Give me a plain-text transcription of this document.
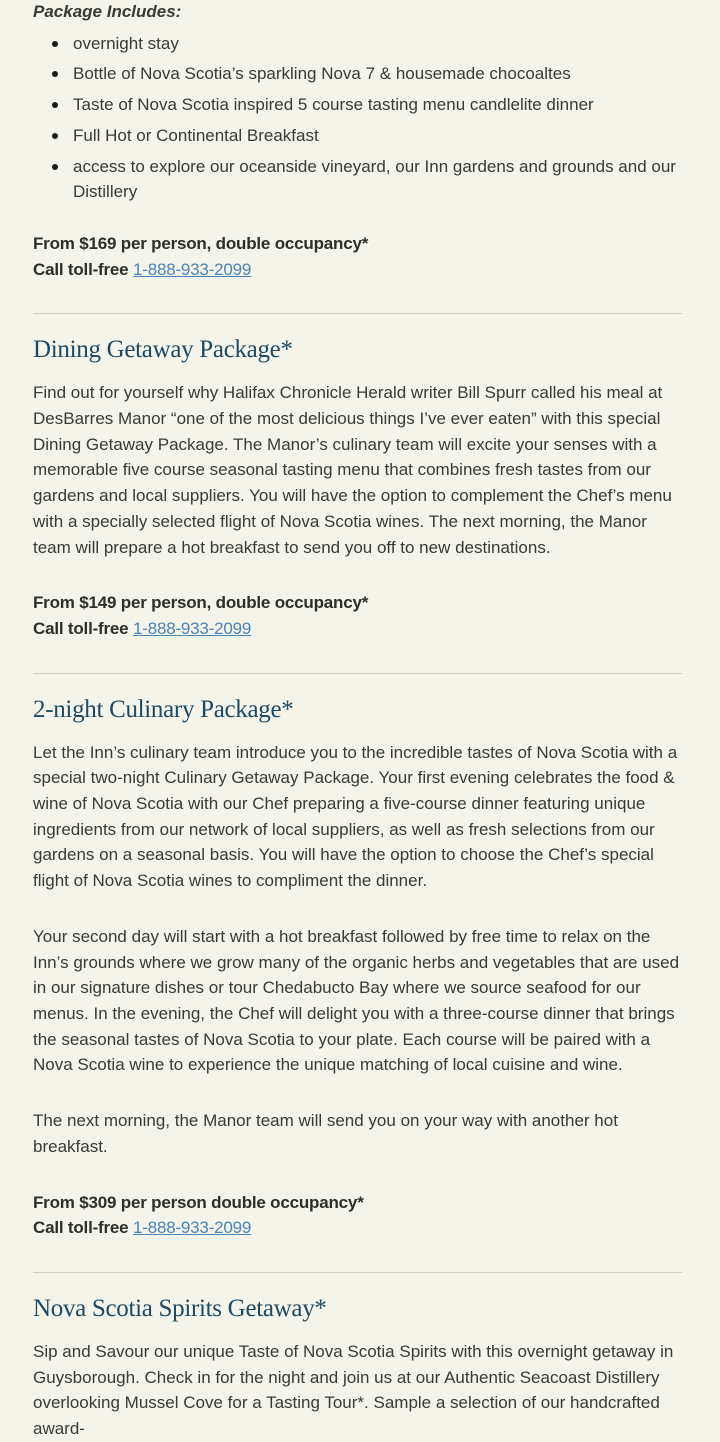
Package Includes:

overnight stay
Bottle of Nova Scotia’s sparkling Nova 7 & housemade chocoaltes
Taste of Nova Scotia inspired 5 course tasting menu candlelite dinner
Full Hot or Continental Breakfast
access to explore our oceanside vineyard, our Inn gardens and grounds and our Distillery
From $169 per person, double occupancy*
Call toll-free 1-888-933-2099
Dining Getaway Package*

Find out for yourself why Halifax Chronicle Herald writer Bill Spurr called his meal at DesBarres Manor “one of the most delicious things I’ve ever eaten” with this special Dining Getaway Package. The Manor’s culinary team will excite your senses with a memorable five course seasonal tasting menu that combines fresh tastes from our gardens and local suppliers. You will have the option to complement the Chef’s menu with a specially selected flight of Nova Scotia wines. The next morning, the Manor team will prepare a hot breakfast to send you off to new destinations.

From $149 per person, double occupancy*
Call toll-free 1-888-933-2099
2-night Culinary Package*

Let the Inn’s culinary team introduce you to the incredible tastes of Nova Scotia with a special two-night Culinary Getaway Package. Your first evening celebrates the food & wine of Nova Scotia with our Chef preparing a five-course dinner featuring unique ingredients from our network of local suppliers, as well as fresh selections from our gardens on a seasonal basis. You will have the option to choose the Chef’s special flight of Nova Scotia wines to compliment the dinner.

Your second day will start with a hot breakfast followed by free time to relax on the Inn’s grounds where we grow many of the organic herbs and vegetables that are used in our signature dishes or tour Chedabucto Bay where we source seafood for our menus. In the evening, the Chef will delight you with a three-course dinner that brings the seasonal tastes of Nova Scotia to your plate. Each course will be paired with a Nova Scotia wine to experience the unique matching of local cuisine and wine.

The next morning, the Manor team will send you on your way with another hot breakfast.

From $309 per person double occupancy*
Call toll-free 1-888-933-2099
Nova Scotia Spirits Getaway*

Sip and Savour our unique Taste of Nova Scotia Spirits with this overnight getaway in Guysborough. Check in for the night and join us at our Authentic Seacoast Distillery overlooking Mussel Cove for a Tasting Tour*. Sample a selection of our handcrafted award-
